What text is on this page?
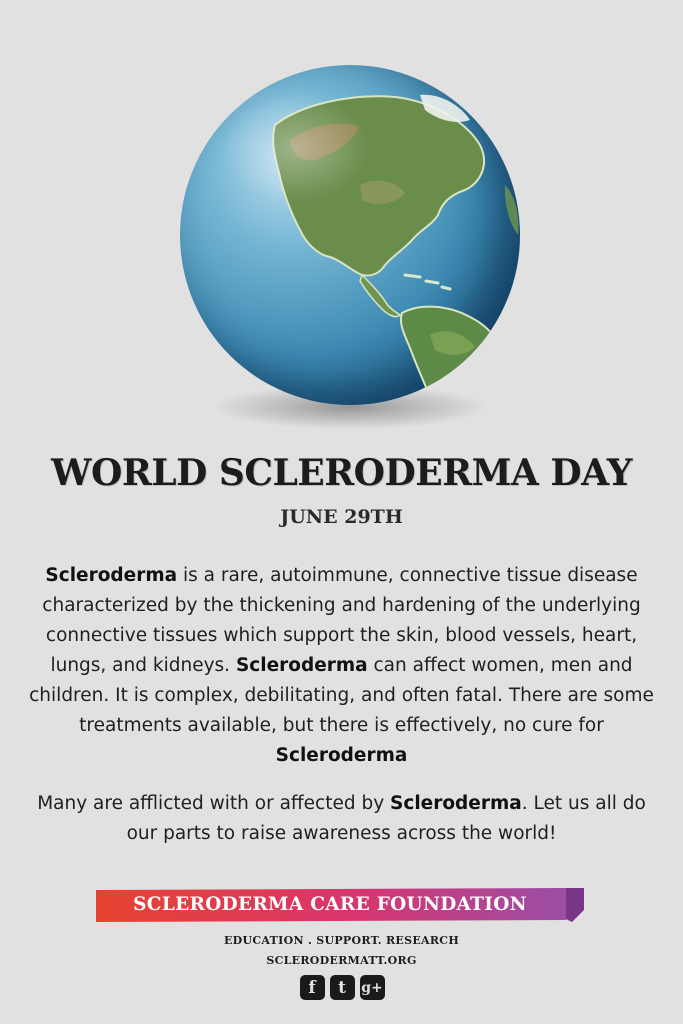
WORLD SCLERODERMA DAY
JUNE 29TH

Scleroderma is a rare, autoimmune, connective tissue disease characterized by the thickening and hardening of the underlying connective tissues which support the skin, blood vessels, heart, lungs, and kidneys. Scleroderma can affect women, men and children. It is complex, debilitating, and often fatal. There are some treatments available, but there is effectively, no cure for Scleroderma

Many are afflicted with or affected by Scleroderma. Let us all do our parts to raise awareness across the world!

SCLERODERMA CARE FOUNDATION
EDUCATION . SUPPORT. RESEARCH
SCLERODERMATT.ORG
f	t	g+
